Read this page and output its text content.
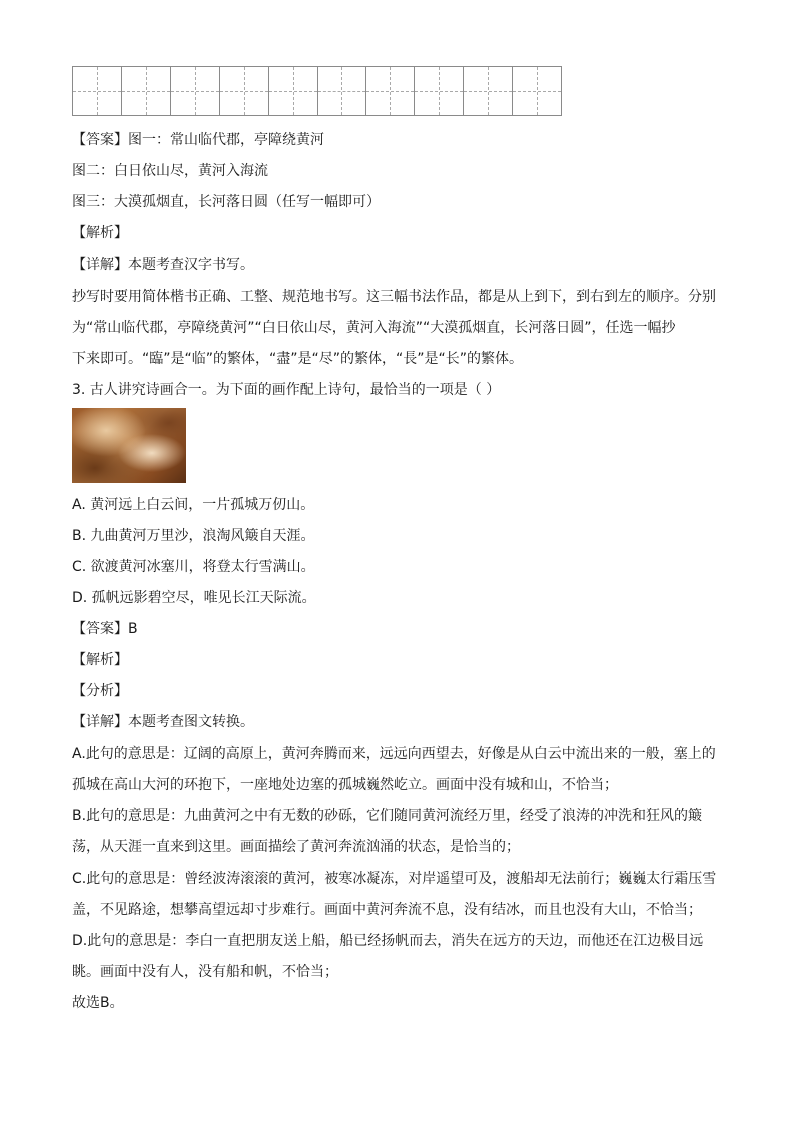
【答案】图一：常山临代郡，亭障绕黄河
图二：白日依山尽，黄河入海流
图三：大漠孤烟直，长河落日圆（任写一幅即可）
【解析】
【详解】本题考查汉字书写。
抄写时要用简体楷书正确、工整、规范地书写。这三幅书法作品，都是从上到下，到右到左的顺序。分别
为“常山临代郡，亭障绕黄河”“白日依山尽，黄河入海流”“大漠孤烟直，长河落日圆”，任选一幅抄
下来即可。“臨”是“临”的繁体，“盡”是“尽”的繁体，“長”是“长”的繁体。
3. 古人讲究诗画合一。为下面的画作配上诗句，最恰当的一项是（ ）
A. 黄河远上白云间，一片孤城万仞山。
B. 九曲黄河万里沙，浪淘风簸自天涯。
C. 欲渡黄河冰塞川，将登太行雪满山。
D. 孤帆远影碧空尽，唯见长江天际流。
【答案】B
【解析】
【分析】
【详解】本题考查图文转换。
A.此句的意思是：辽阔的高原上，黄河奔腾而来，远远向西望去，好像是从白云中流出来的一般，塞上的
孤城在高山大河的环抱下，一座地处边塞的孤城巍然屹立。画面中没有城和山，不恰当；
B.此句的意思是：九曲黄河之中有无数的砂砾，它们随同黄河流经万里，经受了浪涛的冲洗和狂风的簸
荡，从天涯一直来到这里。画面描绘了黄河奔流汹涌的状态，是恰当的；
C.此句的意思是：曾经波涛滚滚的黄河，被寒冰凝冻，对岸遥望可及，渡船却无法前行；巍巍太行霜压雪
盖，不见路途，想攀高望远却寸步难行。画面中黄河奔流不息，没有结冰，而且也没有大山，不恰当；
D.此句的意思是：李白一直把朋友送上船，船已经扬帆而去，消失在远方的天边，而他还在江边极目远
眺。画面中没有人，没有船和帆，不恰当；
故选B。
